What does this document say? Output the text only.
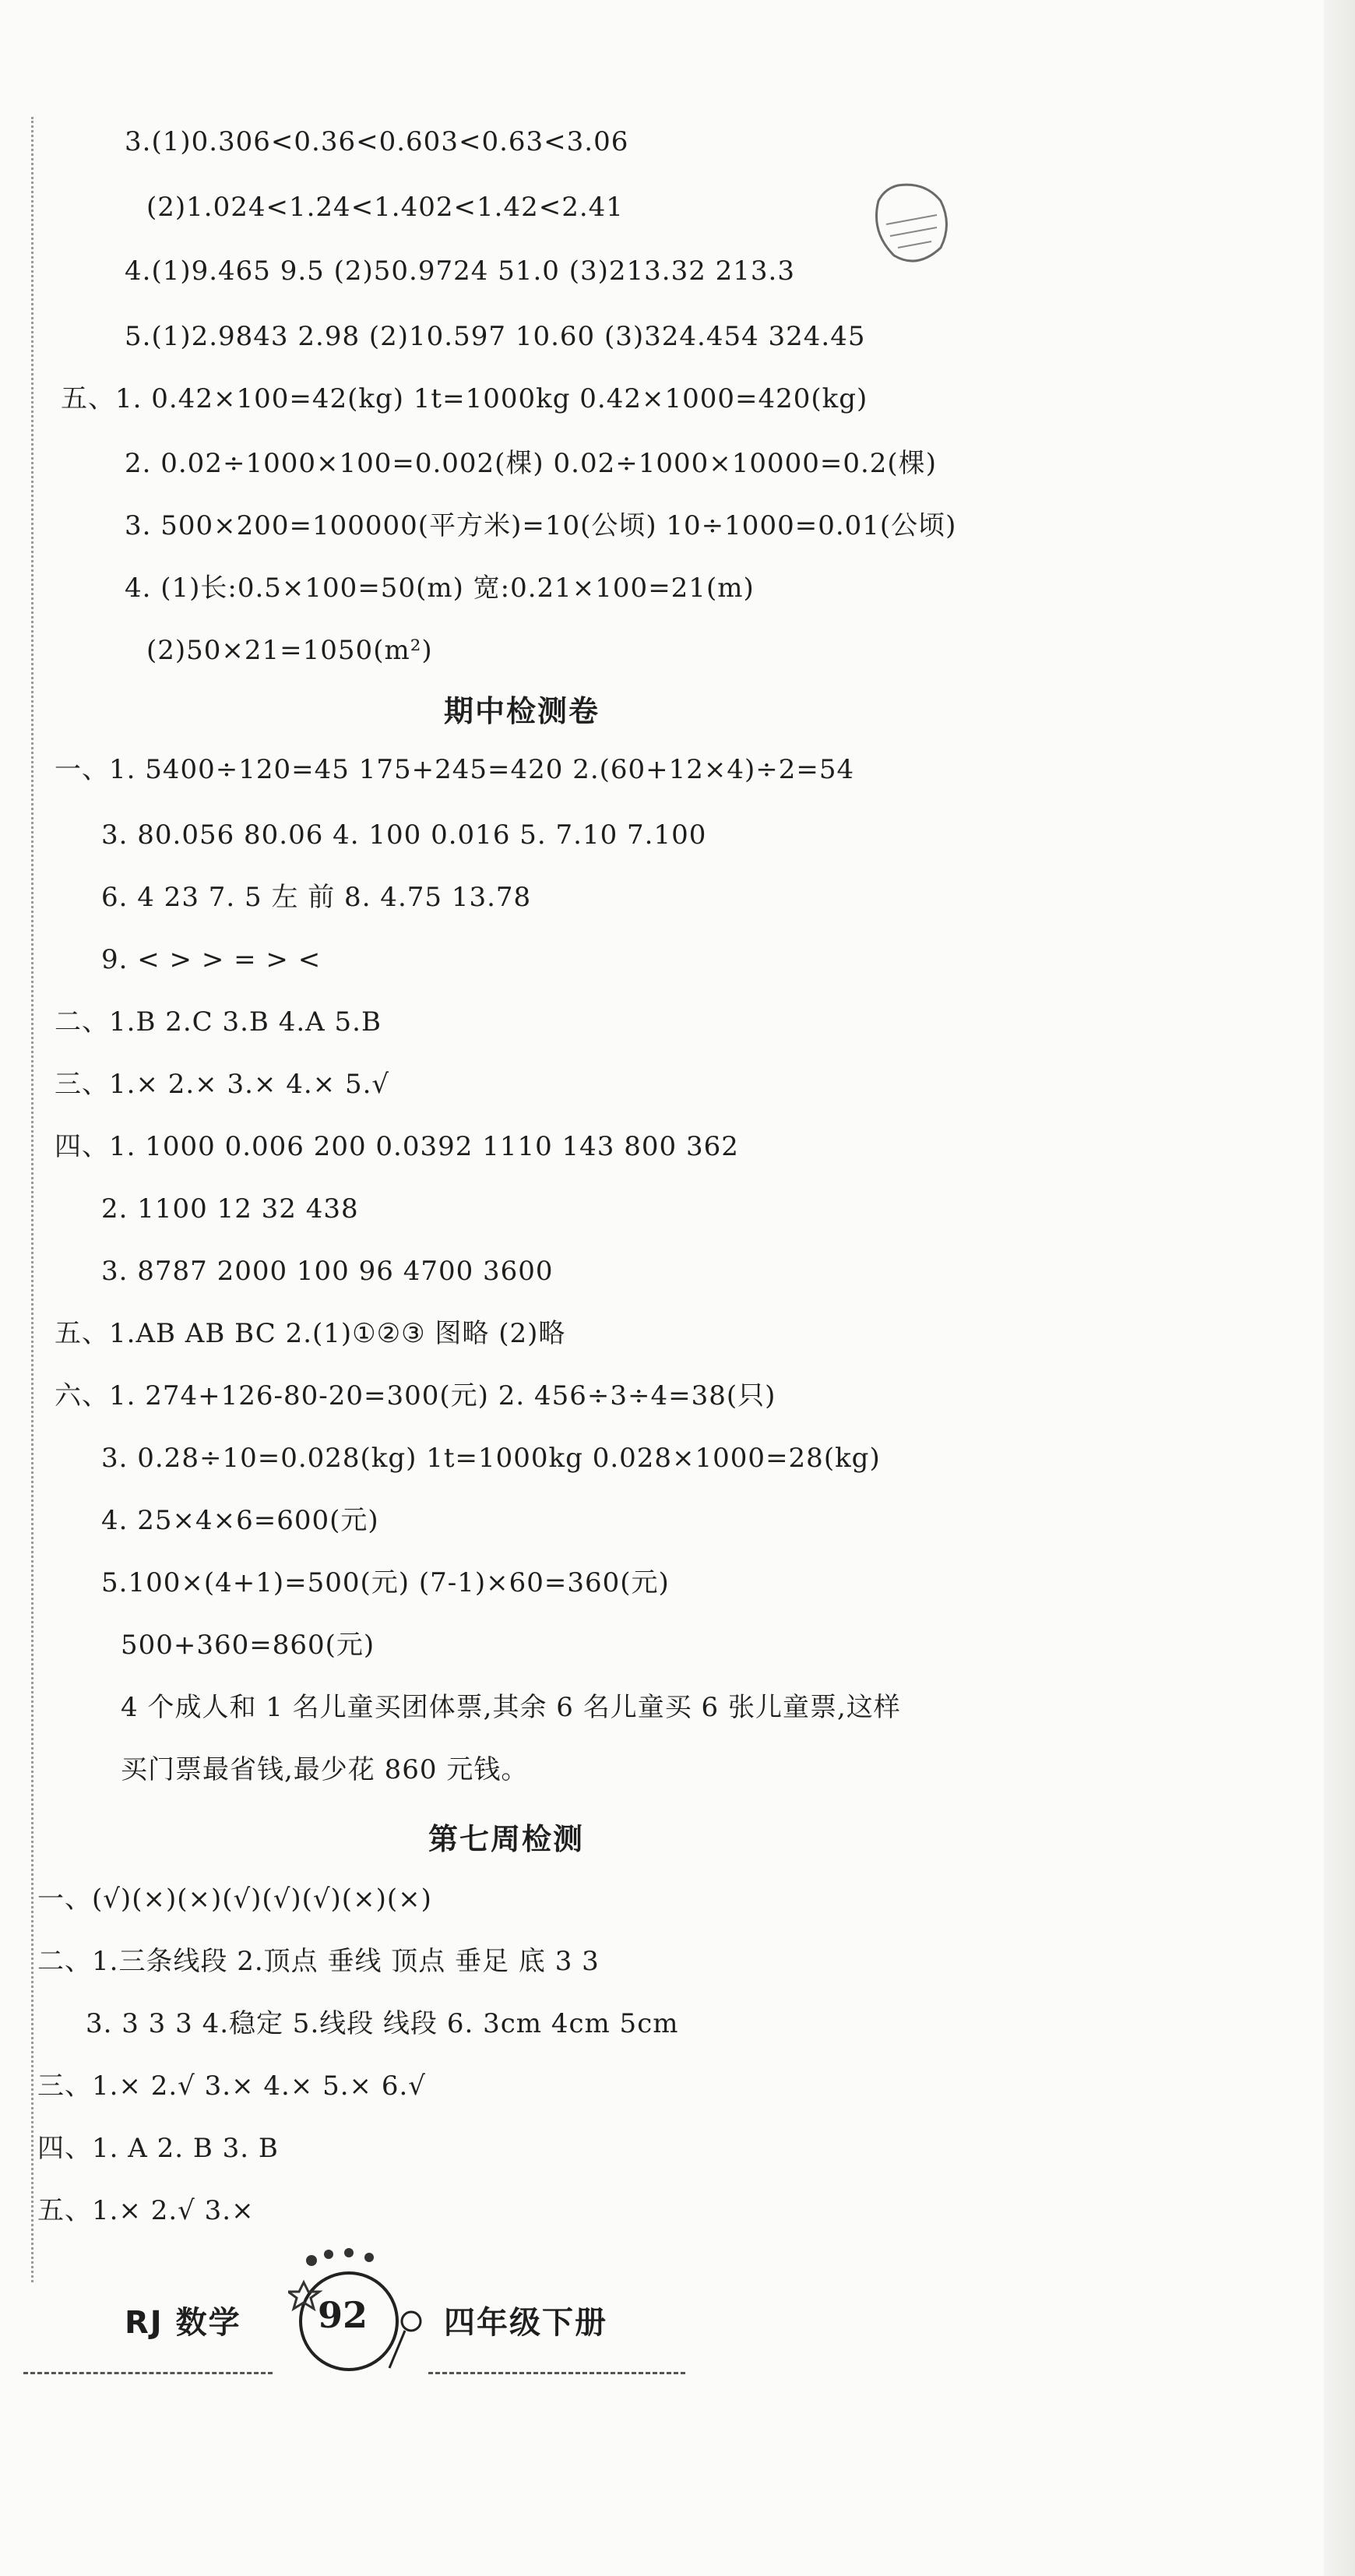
3.(1)0.306<0.36<0.603<0.63<3.06
(2)1.024<1.24<1.402<1.42<2.41
4.(1)9.465 9.5 (2)50.9724 51.0 (3)213.32 213.3
5.(1)2.9843 2.98 (2)10.597 10.60 (3)324.454 324.45
五、1. 0.42×100=42(kg) 1t=1000kg 0.42×1000=420(kg)
2. 0.02÷1000×100=0.002(棵) 0.02÷1000×10000=0.2(棵)
3. 500×200=100000(平方米)=10(公顷) 10÷1000=0.01(公顷)
4. (1)长:0.5×100=50(m) 宽:0.21×100=21(m)
(2)50×21=1050(m²)
期中检测卷
一、1. 5400÷120=45 175+245=420 2.(60+12×4)÷2=54
3. 80.056 80.06 4. 100 0.016 5. 7.10 7.100
6. 4 23 7. 5 左 前 8. 4.75 13.78
9. < > > = > <
二、1.B 2.C 3.B 4.A 5.B
三、1.× 2.× 3.× 4.× 5.√
四、1. 1000 0.006 200 0.0392 1110 143 800 362
2. 1100 12 32 438
3. 8787 2000 100 96 4700 3600
五、1.AB AB BC 2.(1)①②③ 图略 (2)略
六、1. 274+126-80-20=300(元) 2. 456÷3÷4=38(只)
3. 0.28÷10=0.028(kg) 1t=1000kg 0.028×1000=28(kg)
4. 25×4×6=600(元)
5.100×(4+1)=500(元) (7-1)×60=360(元)
500+360=860(元)
4 个成人和 1 名儿童买团体票,其余 6 名儿童买 6 张儿童票,这样
买门票最省钱,最少花 860 元钱。
第七周检测
一、(√)(×)(×)(√)(√)(√)(×)(×)
二、1.三条线段 2.顶点 垂线 顶点 垂足 底 3 3
3. 3 3 3 4.稳定 5.线段 线段 6. 3cm 4cm 5cm
三、1.× 2.√ 3.× 4.× 5.× 6.√
四、1. A 2. B 3. B
五、1.× 2.√ 3.×
RJ 数学 92 四年级下册
